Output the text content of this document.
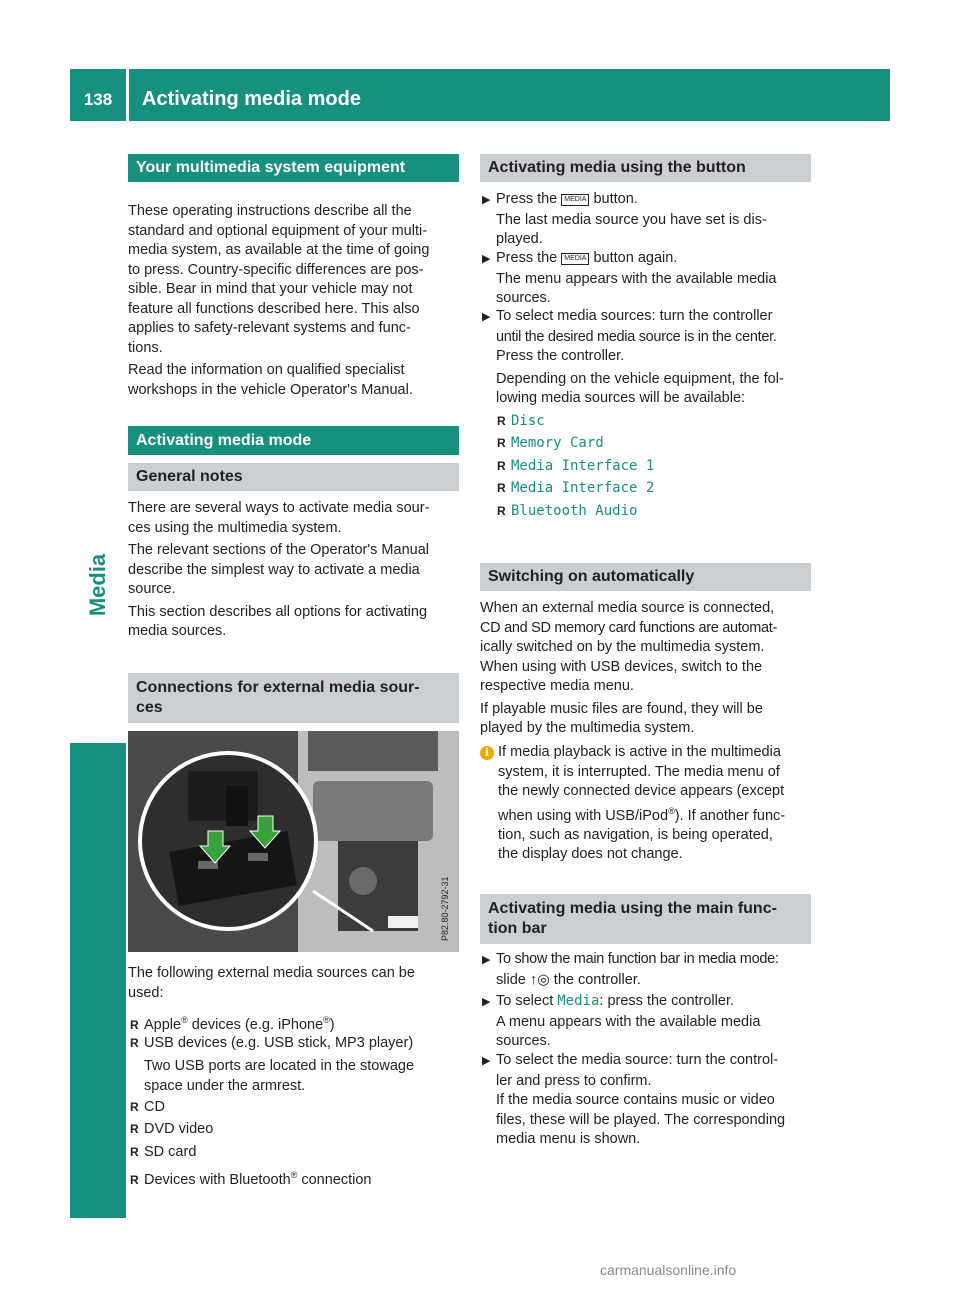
138	Activating media mode
Media
Your multimedia system equipment

These operating instructions describe all the

standard and optional equipment of your multi-

media system, as available at the time of going

to press. Country-specific differences are pos-

sible. Bear in mind that your vehicle may not

feature all functions described here. This also

applies to safety-relevant systems and func-

tions.

Read the information on qualified specialist

workshops in the vehicle Operator's Manual.

Activating media mode
General notes

There are several ways to activate media sour-

ces using the multimedia system.

The relevant sections of the Operator's Manual

describe the simplest way to activate a media

source.

This section describes all options for activating

media sources.

Connections for external media sour-
ces
P82.80-2792-31

The following external media sources can be

used:

R Apple® devices (e.g. iPhone®)
R USB devices (e.g. USB stick, MP3 player)

Two USB ports are located in the stowage

space under the armrest.

R CD
R DVD video
R SD card
R Devices with Bluetooth® connection
Activating media using the button

▶ Press the MEDIA button.

The last media source you have set is dis-

played.

▶ Press the MEDIA button again.

The menu appears with the available media

sources.

▶ To select media sources: turn the controller

until the desired media source is in the center.

Press the controller.

Depending on the vehicle equipment, the fol-

lowing media sources will be available:

R Disc
R Memory Card
R Media Interface 1
R Media Interface 2
R Bluetooth Audio
Switching on automatically

When an external media source is connected,

CD and SD memory card functions are automat-

ically switched on by the multimedia system.

When using with USB devices, switch to the

respective media menu.

If playable music files are found, they will be

played by the multimedia system.

i If media playback is active in the multimedia

system, it is interrupted. The media menu of

the newly connected device appears (except

when using with USB/iPod®). If another func-

tion, such as navigation, is being operated,

the display does not change.

Activating media using the main func-
tion bar

▶ To show the main function bar in media mode:

slide ↑◎ the controller.

▶ To select Media: press the controller.

A menu appears with the available media

sources.

▶ To select the media source: turn the control-

ler and press to confirm.

If the media source contains music or video

files, these will be played. The corresponding

media menu is shown.

carmanualsonline.info
